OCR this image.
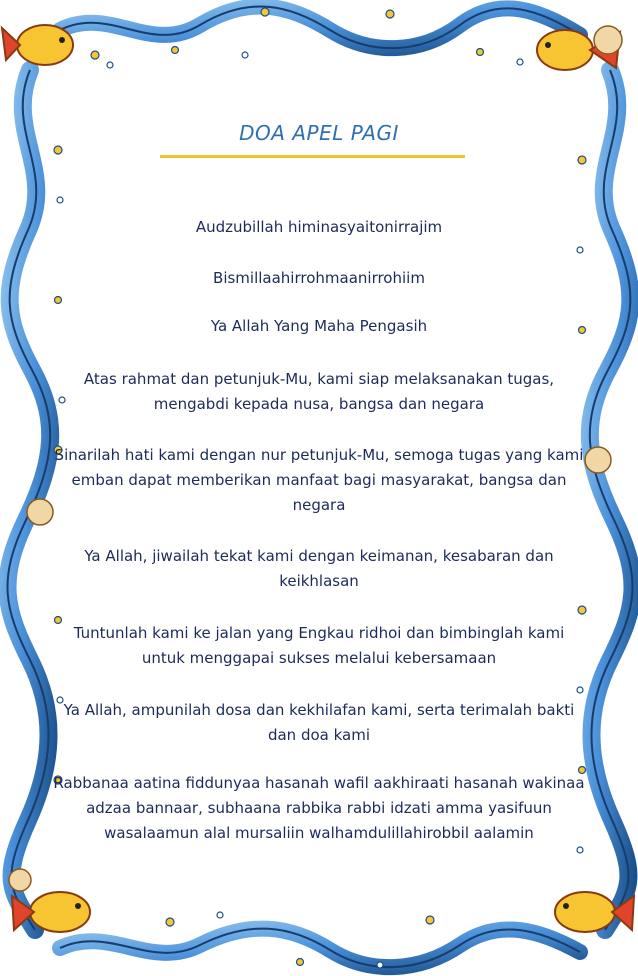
DOA APEL PAGI
Audzubillah himinasyaitonirrajim
Bismillaahirrohmaanirrohiim
Ya Allah Yang Maha Pengasih
Atas rahmat dan petunjuk-Mu, kami siap melaksanakan tugas,
mengabdi kepada nusa, bangsa dan negara
Sinarilah hati kami dengan nur petunjuk-Mu, semoga tugas yang kami
emban dapat memberikan manfaat bagi masyarakat, bangsa dan
negara
Ya Allah, jiwailah tekat kami dengan keimanan, kesabaran dan
keikhlasan
Tuntunlah kami ke jalan yang Engkau ridhoi dan bimbinglah kami
untuk menggapai sukses melalui kebersamaan
Ya Allah, ampunilah dosa dan kekhilafan kami, serta terimalah bakti
dan doa kami
Rabbanaa aatina fiddunyaa hasanah wafil aakhiraati hasanah wakinaa
adzaa bannaar, subhaana rabbika rabbi idzati amma yasifuun
wasalaamun alal mursaliin walhamdulillahirobbil aalamin
